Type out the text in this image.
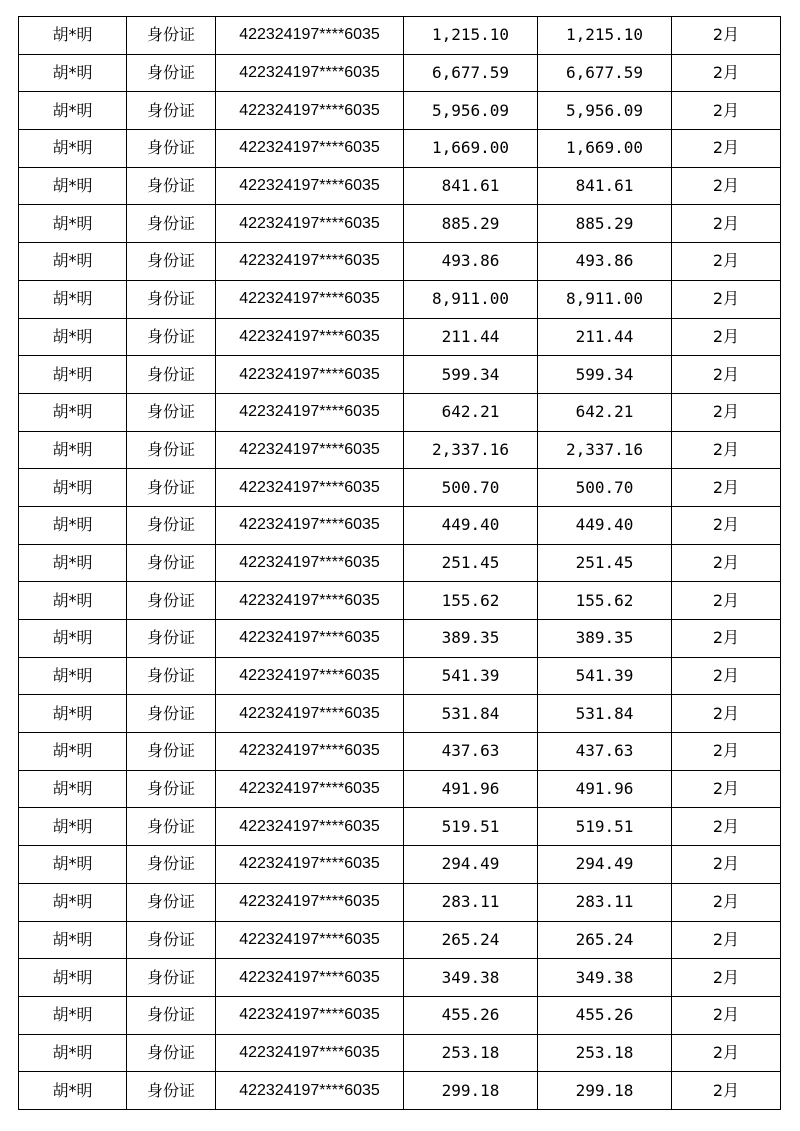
胡*明	身份证	422324197****6035	1,215.10	1,215.10	2月
胡*明	身份证	422324197****6035	6,677.59	6,677.59	2月
胡*明	身份证	422324197****6035	5,956.09	5,956.09	2月
胡*明	身份证	422324197****6035	1,669.00	1,669.00	2月
胡*明	身份证	422324197****6035	841.61	841.61	2月
胡*明	身份证	422324197****6035	885.29	885.29	2月
胡*明	身份证	422324197****6035	493.86	493.86	2月
胡*明	身份证	422324197****6035	8,911.00	8,911.00	2月
胡*明	身份证	422324197****6035	211.44	211.44	2月
胡*明	身份证	422324197****6035	599.34	599.34	2月
胡*明	身份证	422324197****6035	642.21	642.21	2月
胡*明	身份证	422324197****6035	2,337.16	2,337.16	2月
胡*明	身份证	422324197****6035	500.70	500.70	2月
胡*明	身份证	422324197****6035	449.40	449.40	2月
胡*明	身份证	422324197****6035	251.45	251.45	2月
胡*明	身份证	422324197****6035	155.62	155.62	2月
胡*明	身份证	422324197****6035	389.35	389.35	2月
胡*明	身份证	422324197****6035	541.39	541.39	2月
胡*明	身份证	422324197****6035	531.84	531.84	2月
胡*明	身份证	422324197****6035	437.63	437.63	2月
胡*明	身份证	422324197****6035	491.96	491.96	2月
胡*明	身份证	422324197****6035	519.51	519.51	2月
胡*明	身份证	422324197****6035	294.49	294.49	2月
胡*明	身份证	422324197****6035	283.11	283.11	2月
胡*明	身份证	422324197****6035	265.24	265.24	2月
胡*明	身份证	422324197****6035	349.38	349.38	2月
胡*明	身份证	422324197****6035	455.26	455.26	2月
胡*明	身份证	422324197****6035	253.18	253.18	2月
胡*明	身份证	422324197****6035	299.18	299.18	2月
